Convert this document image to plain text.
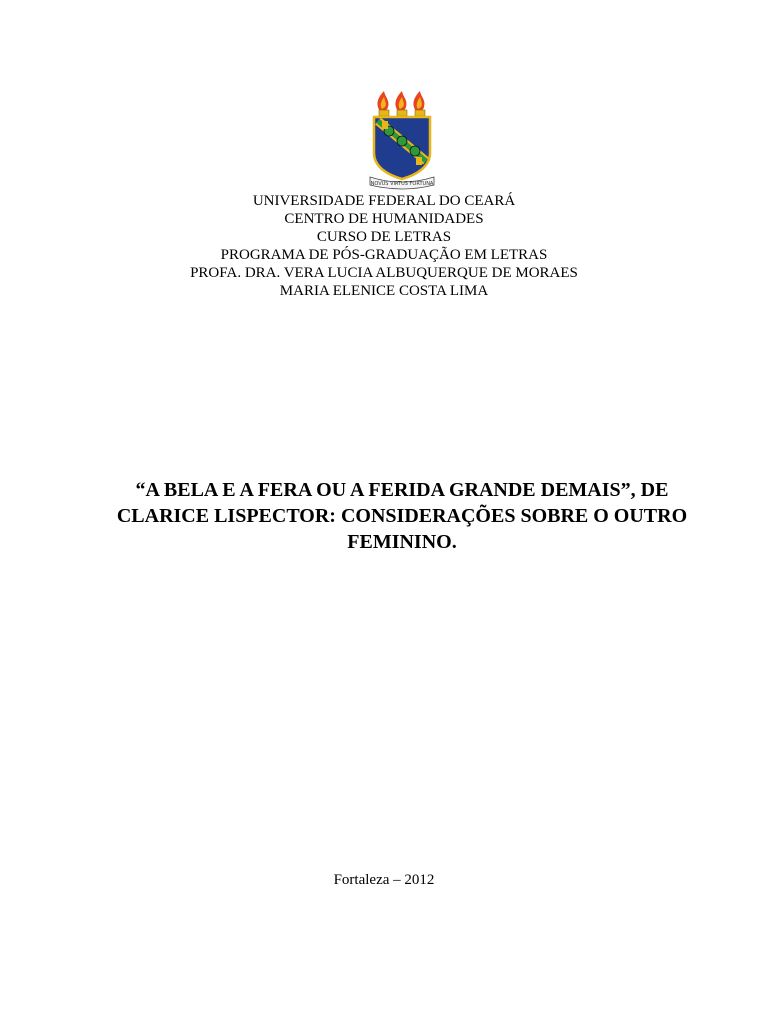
NOVUS VIRTUS FORTUNA
UNIVERSIDADE FEDERAL DO CEARÁ
CENTRO DE HUMANIDADES
CURSO DE LETRAS
PROGRAMA DE PÓS-GRADUAÇÃO EM LETRAS
PROFA. DRA. VERA LUCIA ALBUQUERQUE DE MORAES
MARIA ELENICE COSTA LIMA
“A BELA E A FERA OU A FERIDA GRANDE DEMAIS”, DE
CLARICE LISPECTOR: CONSIDERAÇÕES SOBRE O OUTRO
FEMININO.
Fortaleza – 2012
